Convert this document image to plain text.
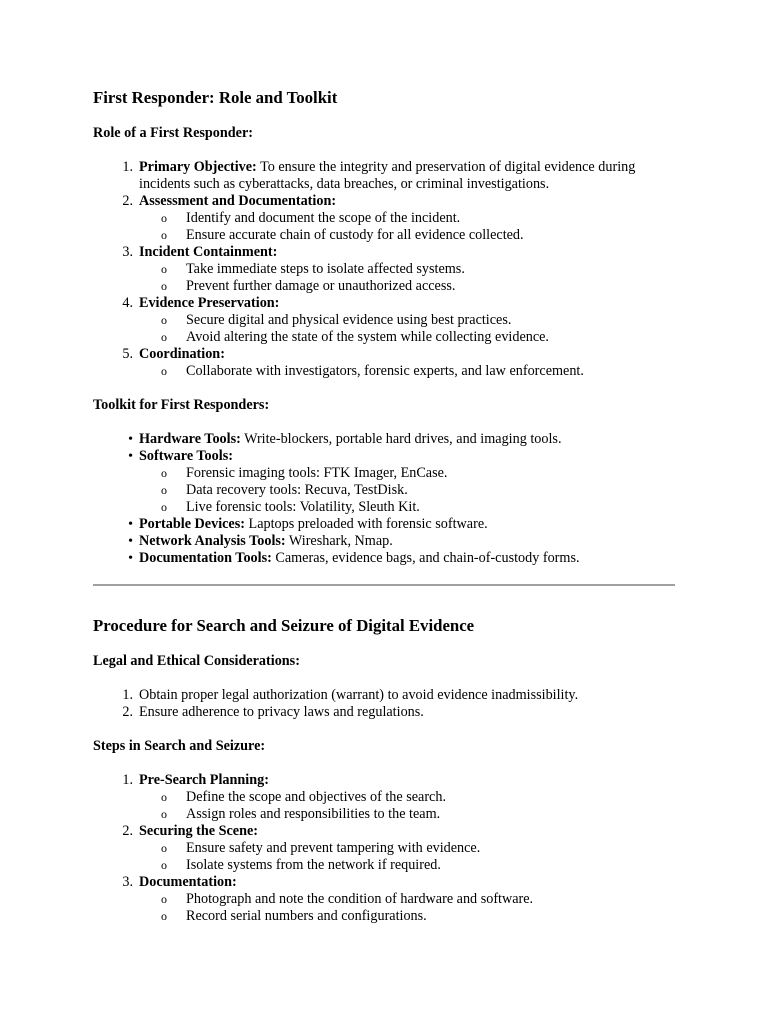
First Responder: Role and Toolkit
Role of a First Responder:
1. Primary Objective: To ensure the integrity and preservation of digital evidence during incidents such as cyberattacks, data breaches, or criminal investigations.
2. Assessment and Documentation:
o Identify and document the scope of the incident.
o Ensure accurate chain of custody for all evidence collected.
3. Incident Containment:
o Take immediate steps to isolate affected systems.
o Prevent further damage or unauthorized access.
4. Evidence Preservation:
o Secure digital and physical evidence using best practices.
o Avoid altering the state of the system while collecting evidence.
5. Coordination:
o Collaborate with investigators, forensic experts, and law enforcement.
Toolkit for First Responders:
• Hardware Tools: Write-blockers, portable hard drives, and imaging tools.
• Software Tools:
o Forensic imaging tools: FTK Imager, EnCase.
o Data recovery tools: Recuva, TestDisk.
o Live forensic tools: Volatility, Sleuth Kit.
• Portable Devices: Laptops preloaded with forensic software.
• Network Analysis Tools: Wireshark, Nmap.
• Documentation Tools: Cameras, evidence bags, and chain-of-custody forms.
Procedure for Search and Seizure of Digital Evidence
Legal and Ethical Considerations:
1. Obtain proper legal authorization (warrant) to avoid evidence inadmissibility.
2. Ensure adherence to privacy laws and regulations.
Steps in Search and Seizure:
1. Pre-Search Planning:
o Define the scope and objectives of the search.
o Assign roles and responsibilities to the team.
2. Securing the Scene:
o Ensure safety and prevent tampering with evidence.
o Isolate systems from the network if required.
3. Documentation:
o Photograph and note the condition of hardware and software.
o Record serial numbers and configurations.
